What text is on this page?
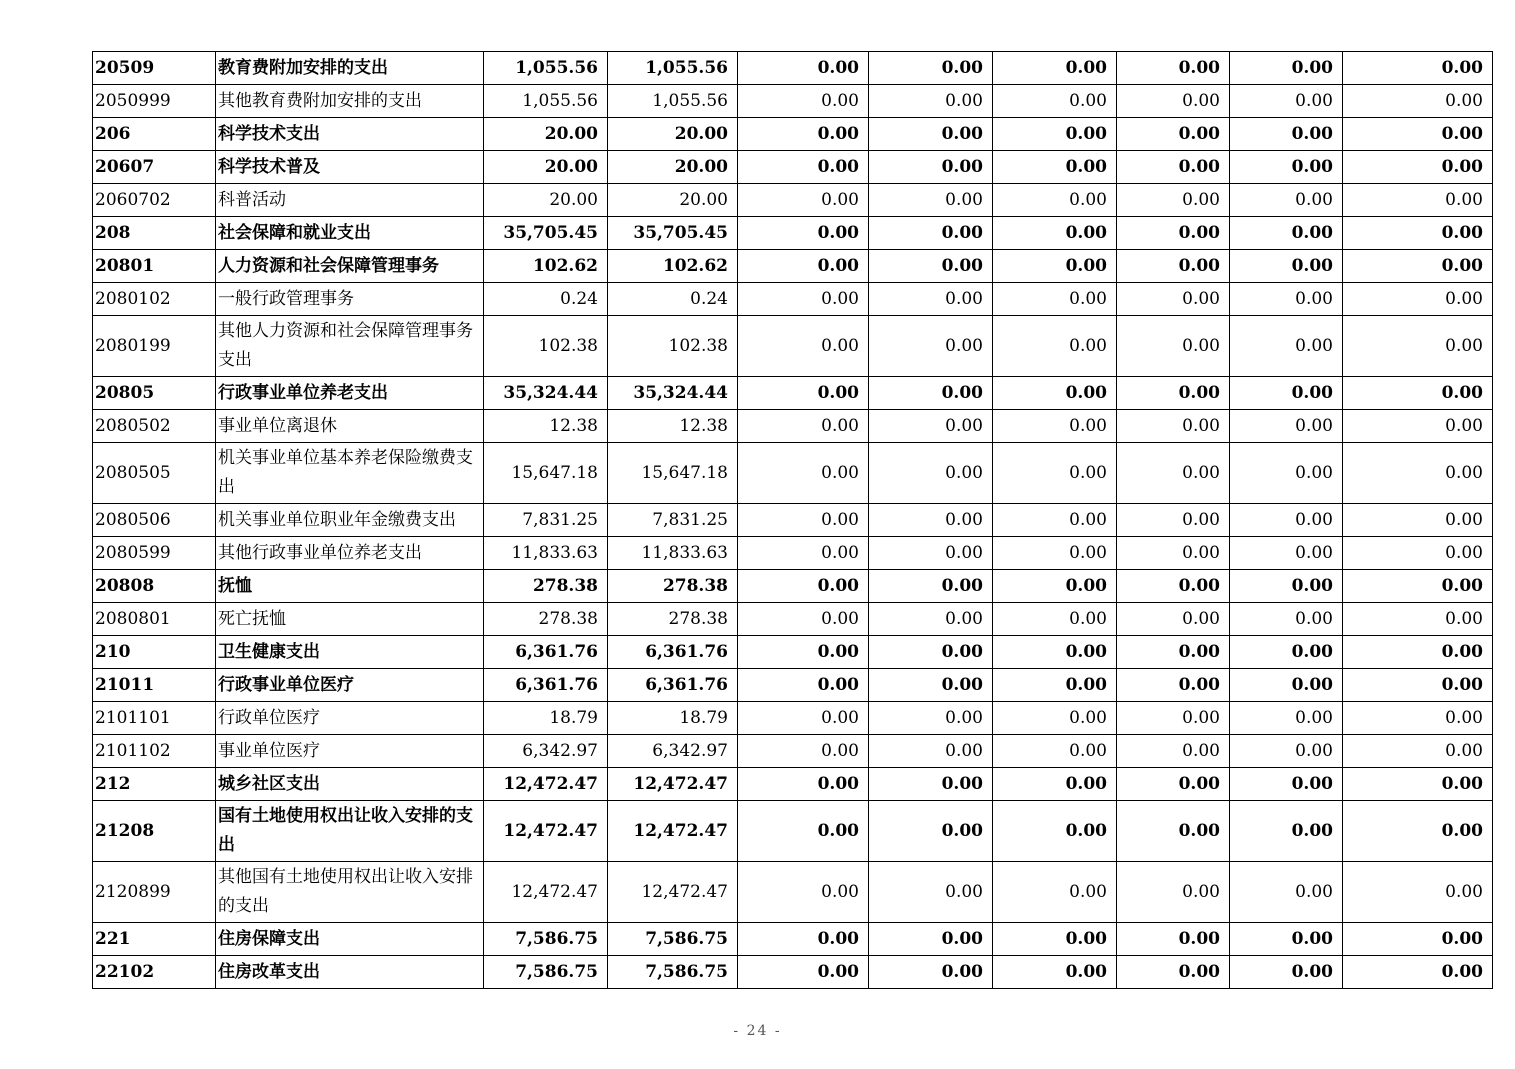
20509	教育费附加安排的支出	1,055.56	1,055.56	0.00	0.00	0.00	0.00	0.00	0.00
2050999	其他教育费附加安排的支出	1,055.56	1,055.56	0.00	0.00	0.00	0.00	0.00	0.00
206	科学技术支出	20.00	20.00	0.00	0.00	0.00	0.00	0.00	0.00
20607	科学技术普及	20.00	20.00	0.00	0.00	0.00	0.00	0.00	0.00
2060702	科普活动	20.00	20.00	0.00	0.00	0.00	0.00	0.00	0.00
208	社会保障和就业支出	35,705.45	35,705.45	0.00	0.00	0.00	0.00	0.00	0.00
20801	人力资源和社会保障管理事务	102.62	102.62	0.00	0.00	0.00	0.00	0.00	0.00
2080102	一般行政管理事务	0.24	0.24	0.00	0.00	0.00	0.00	0.00	0.00
2080199	其他人力资源和社会保障管理事务支出	102.38	102.38	0.00	0.00	0.00	0.00	0.00	0.00
20805	行政事业单位养老支出	35,324.44	35,324.44	0.00	0.00	0.00	0.00	0.00	0.00
2080502	事业单位离退休	12.38	12.38	0.00	0.00	0.00	0.00	0.00	0.00
2080505	机关事业单位基本养老保险缴费支出	15,647.18	15,647.18	0.00	0.00	0.00	0.00	0.00	0.00
2080506	机关事业单位职业年金缴费支出	7,831.25	7,831.25	0.00	0.00	0.00	0.00	0.00	0.00
2080599	其他行政事业单位养老支出	11,833.63	11,833.63	0.00	0.00	0.00	0.00	0.00	0.00
20808	抚恤	278.38	278.38	0.00	0.00	0.00	0.00	0.00	0.00
2080801	死亡抚恤	278.38	278.38	0.00	0.00	0.00	0.00	0.00	0.00
210	卫生健康支出	6,361.76	6,361.76	0.00	0.00	0.00	0.00	0.00	0.00
21011	行政事业单位医疗	6,361.76	6,361.76	0.00	0.00	0.00	0.00	0.00	0.00
2101101	行政单位医疗	18.79	18.79	0.00	0.00	0.00	0.00	0.00	0.00
2101102	事业单位医疗	6,342.97	6,342.97	0.00	0.00	0.00	0.00	0.00	0.00
212	城乡社区支出	12,472.47	12,472.47	0.00	0.00	0.00	0.00	0.00	0.00
21208	国有土地使用权出让收入安排的支出	12,472.47	12,472.47	0.00	0.00	0.00	0.00	0.00	0.00
2120899	其他国有土地使用权出让收入安排的支出	12,472.47	12,472.47	0.00	0.00	0.00	0.00	0.00	0.00
221	住房保障支出	7,586.75	7,586.75	0.00	0.00	0.00	0.00	0.00	0.00
22102	住房改革支出	7,586.75	7,586.75	0.00	0.00	0.00	0.00	0.00	0.00
- 24 -
